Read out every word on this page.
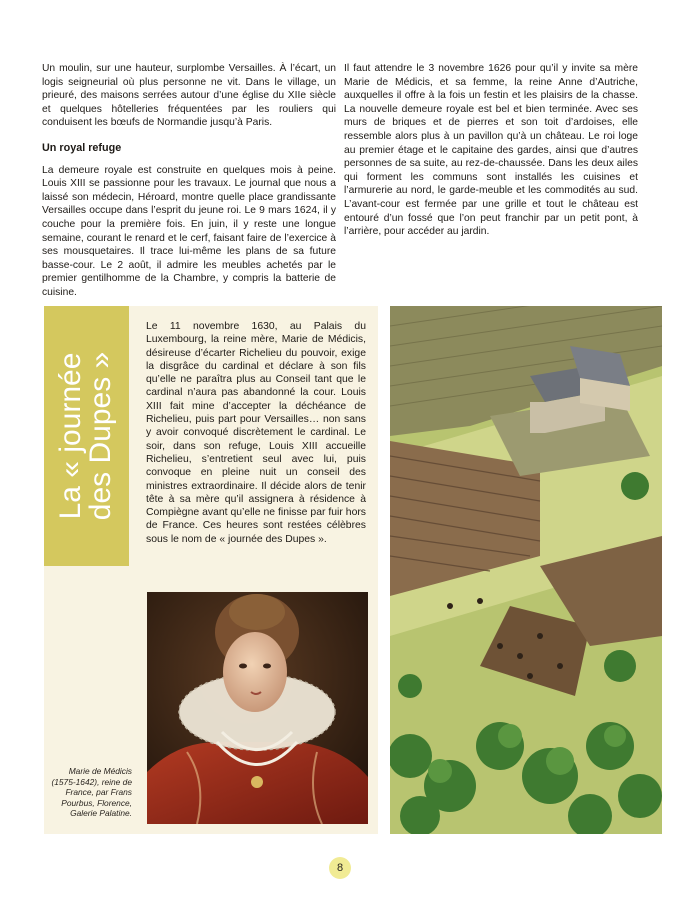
Un moulin, sur une hauteur, surplombe Versailles. À l’écart, un logis seigneurial où plus personne ne vit. Dans le village, un prieuré, des maisons serrées autour d’une église du XIIe siècle et quelques hôtelleries fréquentées par les rouliers qui conduisent les bœufs de Normandie jusqu’à Paris.

Un royal refuge

La demeure royale est construite en quelques mois à peine. Louis XIII se passionne pour les travaux. Le journal que nous a laissé son médecin, Héroard, montre quelle place grandissante Versailles occupe dans l’esprit du jeune roi. Le 9 mars 1624, il y couche pour la première fois. En juin, il y reste une longue semaine, courant le renard et le cerf, faisant faire de l’exercice à ses mousquetaires. Il trace lui-même les plans de sa future basse-cour. Le 2 août, il admire les meubles achetés par le premier gentilhomme de la Chambre, y compris la batterie de cuisine.

Il faut attendre le 3 novembre 1626 pour qu’il y invite sa mère Marie de Médicis, et sa femme, la reine Anne d’Autriche, auxquelles il offre à la fois un festin et les plaisirs de la chasse. La nouvelle demeure royale est bel et bien terminée. Avec ses murs de briques et de pierres et son toit d’ardoises, elle ressemble alors plus à un pavillon qu’à un château. Le roi loge au premier étage et le capitaine des gardes, ainsi que d’autres personnes de sa suite, au rez-de-chaussée. Dans les deux ailes qui forment les communs sont installés les cuisines et l’armurerie au nord, le garde-meuble et les commodités au sud. L’avant-cour est fermée par une grille et tout le château est entouré d’un fossé que l’on peut franchir par un petit pont, à l’arrière, pour accéder au jardin.

La « journée
des Dupes »
Le 11 novembre 1630, au Palais du Luxembourg, la reine mère, Marie de Médicis, désireuse d’écarter Richelieu du pouvoir, exige la disgrâce du cardinal et déclare à son fils qu’elle ne paraîtra plus au Conseil tant que le cardinal n’aura pas abandonné la cour. Louis XIII fait mine d’accepter la déchéance de Richelieu, puis part pour Versailles… non sans y avoir convoqué discrètement le cardinal. Le soir, dans son refuge, Louis XIII accueille Richelieu, s’entretient seul avec lui, puis convoque en pleine nuit un conseil des ministres extraordinaire. Il décide alors de tenir tête à sa mère qu’il assignera à résidence à Compiègne avant qu’elle ne finisse par fuir hors de France. Ces heures sont restées célèbres sous le nom de « journée des Dupes ».
Marie de Médicis (1575-1642), reine de France, par Frans Pourbus, Florence, Galerie Palatine.
8
